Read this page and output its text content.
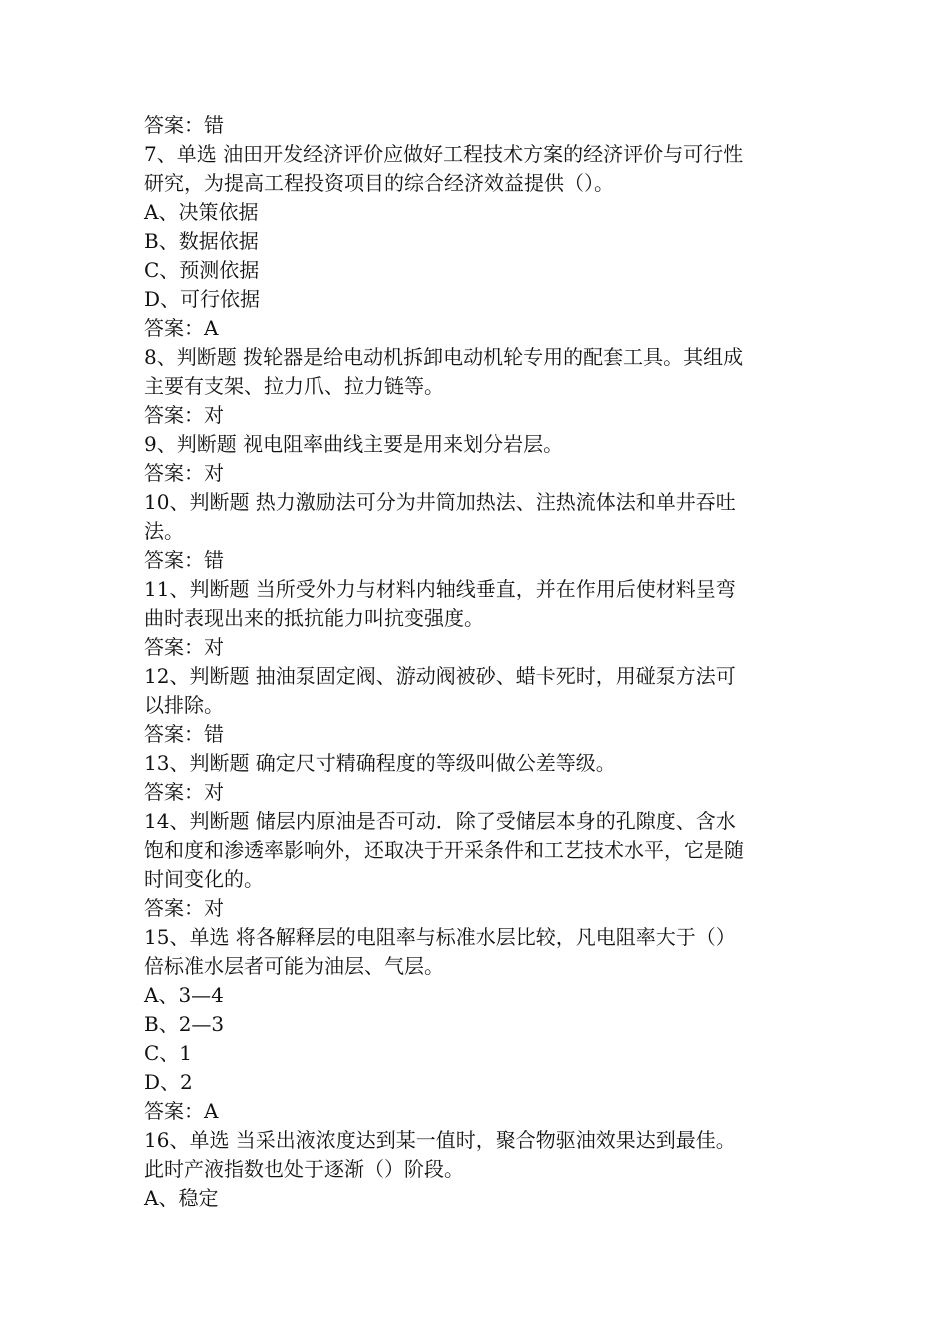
答案：错
7、单选 油田开发经济评价应做好工程技术方案的经济评价与可行性
研究，为提高工程投资项目的综合经济效益提供（）。
A、决策依据
B、数据依据
C、预测依据
D、可行依据
答案：A
8、判断题 拨轮器是给电动机拆卸电动机轮专用的配套工具。其组成
主要有支架、拉力爪、拉力链等。
答案：对
9、判断题 视电阻率曲线主要是用来划分岩层。
答案：对
10、判断题 热力激励法可分为井筒加热法、注热流体法和单井吞吐
法。
答案：错
11、判断题 当所受外力与材料内轴线垂直，并在作用后使材料呈弯
曲时表现出来的抵抗能力叫抗变强度。
答案：对
12、判断题 抽油泵固定阀、游动阀被砂、蜡卡死时，用碰泵方法可
以排除。
答案：错
13、判断题 确定尺寸精确程度的等级叫做公差等级。
答案：对
14、判断题 储层内原油是否可动．除了受储层本身的孔隙度、含水
饱和度和渗透率影响外，还取决于开采条件和工艺技术水平，它是随
时间变化的。
答案：对
15、单选 将各解释层的电阻率与标准水层比较，凡电阻率大于（）
倍标准水层者可能为油层、气层。
A、3—4
B、2—3
C、1
D、2
答案：A
16、单选 当采出液浓度达到某一值时，聚合物驱油效果达到最佳。
此时产液指数也处于逐渐（）阶段。
A、稳定
